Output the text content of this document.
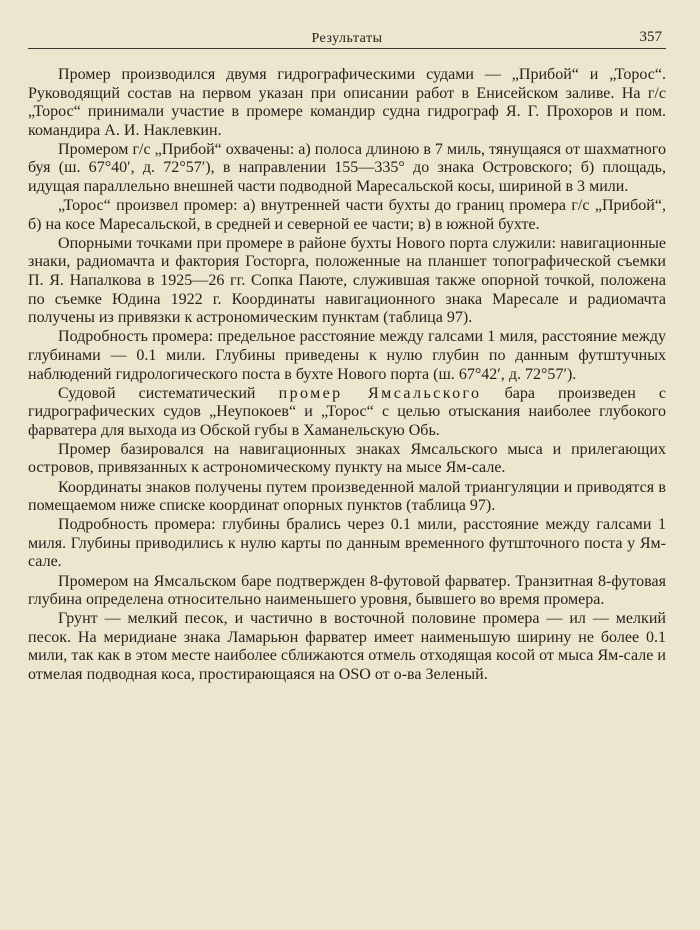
Результаты	357

Промер производился двумя гидрографическими судами — „Прибой“ и „Торос“. Руководящий состав на первом указан при описании работ в Енисейском заливе. На г/с „Торос“ принимали участие в промере командир судна гидрограф Я. Г. Прохоров и пом. командира А. И. Наклевкин.

Промером г/с „Прибой“ охвачены: а) полоса длиною в 7 миль, тянущаяся от шахматного буя (ш. 67°40′, д. 72°57′), в направлении 155—335° до знака Островского; б) площадь, идущая параллельно внешней части подводной Маресальской косы, шириной в 3 мили.

„Торос“ произвел промер: а) внутренней части бухты до границ промера г/с „Прибой“, б) на косе Маресальской, в средней и северной ее части; в) в южной бухте.

Опорными точками при промере в районе бухты Нового порта служили: навигационные знаки, радиомачта и фактория Госторга, положенные на планшет топографической съемки П. Я. Напалкова в 1925—26 гг. Сопка Паюте, служившая также опорной точкой, положена по съемке Юдина 1922 г. Координаты навигационного знака Маресале и радиомачта получены из привязки к астрономическим пунктам (таблица 97).

Подробность промера: предельное расстояние между галсами 1 миля, расстояние между глубинами — 0.1 мили. Глубины приведены к нулю глубин по данным футштучных наблюдений гидрологического поста в бухте Нового порта (ш. 67°42′, д. 72°57′).

Судовой систематический промер Ямсальского бара произведен с гидрографических судов „Неупокоев“ и „Торос“ с целью отыскания наиболее глубокого фарватера для выхода из Обской губы в Хаманельскую Обь.

Промер базировался на навигационных знаках Ямсальского мыса и прилегающих островов, привязанных к астрономическому пункту на мысе Ям-сале.

Координаты знаков получены путем произведенной малой триангуляции и приводятся в помещаемом ниже списке координат опорных пунктов (таблица 97).

Подробность промера: глубины брались через 0.1 мили, расстояние между галсами 1 миля. Глубины приводились к нулю карты по данным временного футшточного поста у Ям-сале.

Промером на Ямсальском баре подтвержден 8-футовой фарватер. Транзитная 8-футовая глубина определена относительно наименьшего уровня, бывшего во время промера.

Грунт — мелкий песок, и частично в восточной половине промера — ил — мелкий песок. На меридиане знака Ламарьюн фарватер имеет наименьшую ширину не более 0.1 мили, так как в этом месте наиболее сближаются отмель отходящая косой от мыса Ям-сале и отмелая подводная коса, простирающаяся на OSO от о-ва Зеленый.
